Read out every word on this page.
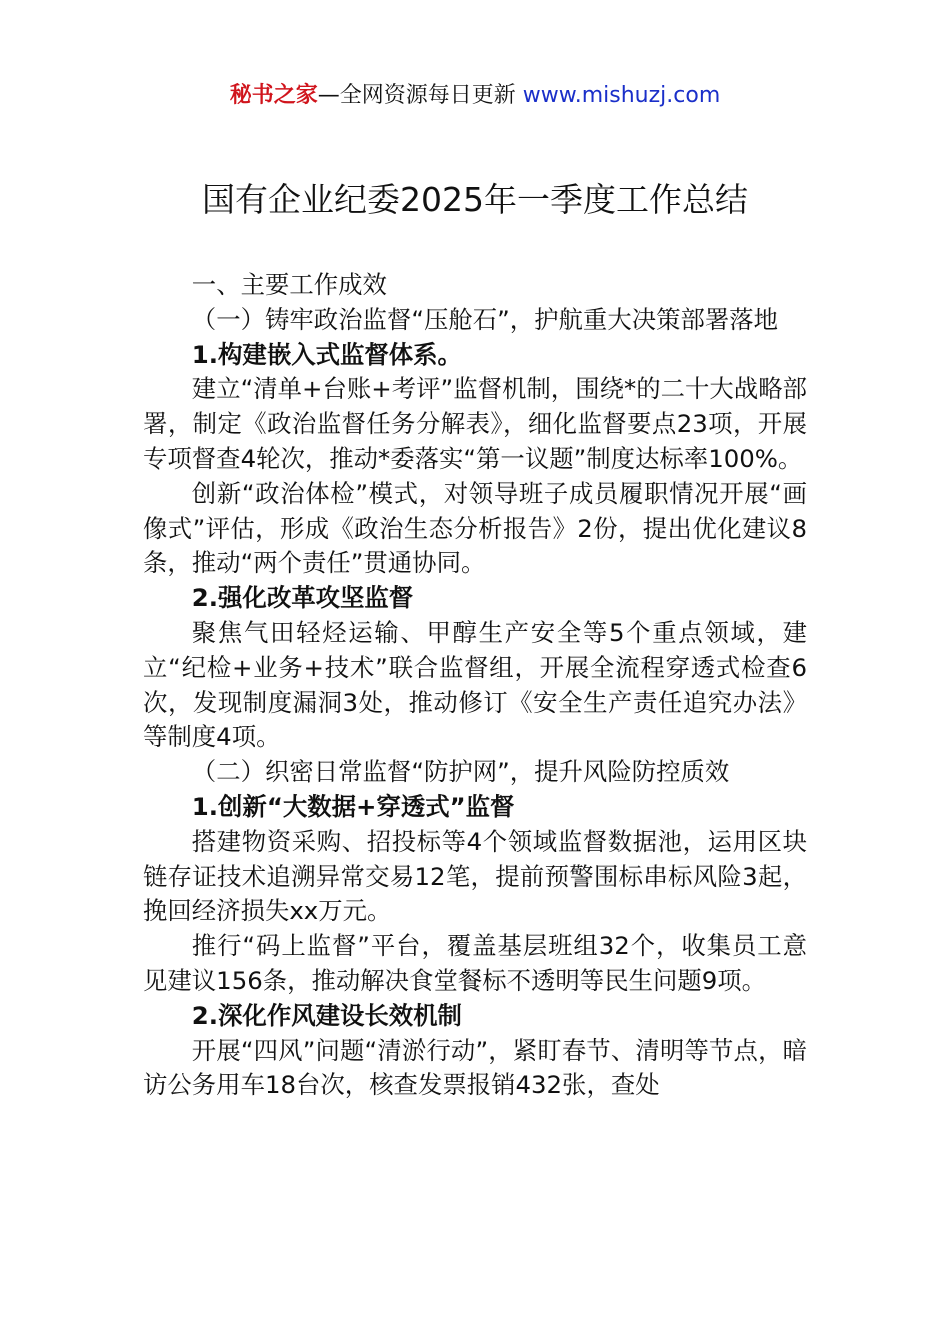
秘书之家—全网资源每日更新 www.mishuzj.com
国有企业纪委2025年一季度工作总结

一、主要工作成效

（一）铸牢政治监督“压舱石”，护航重大决策部署落地

1.构建嵌入式监督体系。

建立“清单+台账+考评”监督机制，围绕*的二十大战略部署，制定《政治监督任务分解表》，细化监督要点23项，开展专项督查4轮次，推动*委落实“第一议题”制度达标率100%。

创新“政治体检”模式，对领导班子成员履职情况开展“画像式”评估，形成《政治生态分析报告》2份，提出优化建议8条，推动“两个责任”贯通协同。

2.强化改革攻坚监督

聚焦气田轻烃运输、甲醇生产安全等5个重点领域，建立“纪检+业务+技术”联合监督组，开展全流程穿透式检查6次，发现制度漏洞3处，推动修订《安全生产责任追究办法》等制度4项。

（二）织密日常监督“防护网”，提升风险防控质效

1.创新“大数据+穿透式”监督

搭建物资采购、招投标等4个领域监督数据池，运用区块链存证技术追溯异常交易12笔，提前预警围标串标风险3起，挽回经济损失xx万元。

推行“码上监督”平台，覆盖基层班组32个，收集员工意见建议156条，推动解决食堂餐标不透明等民生问题9项。

2.深化作风建设长效机制

开展“四风”问题“清淤行动”，紧盯春节、清明等节点，暗访公务用车18台次，核查发票报销432张，查处
